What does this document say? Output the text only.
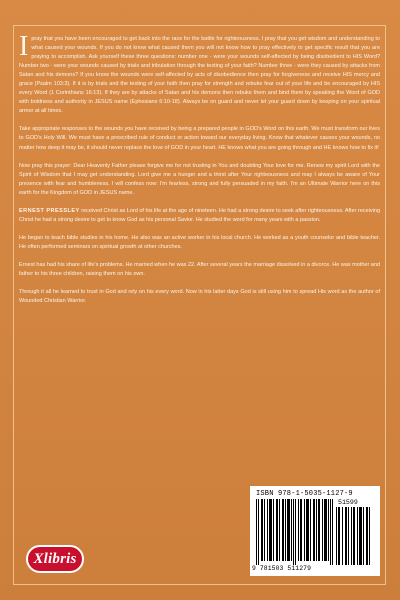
Ipray that you have been encouraged to get back into the race for the battle for righteousness. I pray that you get wisdom and understanding to what caused your wounds. If you do not know what caused them you will not know how to pray effectively to get specific result that you are praying to accomplish. Ask yourself these three questions: number one - were your wounds self-affected by being disobedient to HIS Word? Number two - were your wounds caused by trials and tribulation through the testing of your faith? Number three - were they caused by attacks from Satan and his demons? If you know the wounds were self-affected by acts of disobedience then pray for forgiveness and receive HIS mercy and grace (Psalm 103:3). If it is by trials and the testing of your faith then pray for strength and rebuke fear out of your life and be encouraged by HIS every Word (1 Corinthians 16:13). If they are by attacks of Satan and his demons then rebuke them and bind them by speaking the Word of GOD with boldness and authority in JESUS name (Ephesians 6:10-18). Always be on guard and never let your guard down by keeping on your spiritual armor at all times.

Take appropriate responses to the wounds you have received by being a prepared people in GOD's Word on this earth. We must transform our lives to GOD's Holy Will. We must have a prescribed rule of conduct or action toward our everyday living. Know that whatever causes your wounds, no matter how deep it may be, it should never replace the love of GOD in your heart. HE knows what you are going through and HE knows how to fix it!

Now pray this prayer: Dear Heavenly Father please forgive me for not trusting in You and doubting Your love for me. Renew my spirit Lord with the Spirit of Wisdom that I may get understanding. Lord give me a hunger and a thirst after Your righteousness and may I always be aware of Your presence with fear and humbleness. I will confess now: I'm fearless, strong and fully persuaded in my faith. I'm an Ultimate Warrior here on this earth for the Kingdom of GOD in JESUS name.

ERNEST PRESSLEY received Christ as Lord of his life at the age of nineteen. He had a strong desire to seek after righteousness. After receiving Christ he had a strong desire to get to know God as his personal Savior. He studied the word for many years with a passion.

He began to teach bible studies in his home. He also was an active worker in his local church. He worked as a youth counselor and bible teacher. He often performed seminars on spiritual growth at other churches.

Ernest has had his share of life's problems. He married when he was 22. After several years the marriage dissolved in a divorce. He was mother and father to his three children, raising them on his own.

Through it all he learned to trust in God and rely on his every word. Now in his latter days God is still using him to spread His word as the author of Wounded Christian Warrior.

Xlibris
ISBN 978-1-5035-1127-9
51599
9 781503 511279
